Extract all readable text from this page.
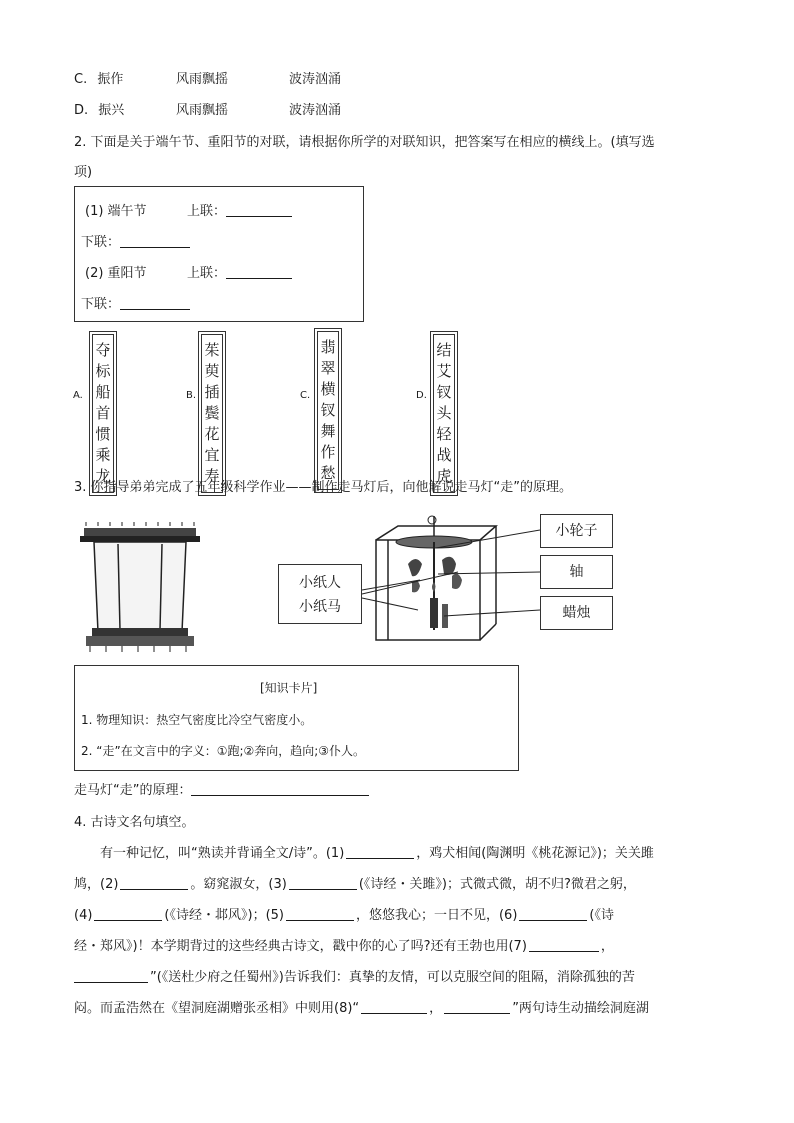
C. 振作	风雨飘摇	波涛汹涌
D. 振兴	风雨飘摇	波涛汹涌
2. 下面是关于端午节、重阳节的对联，请根据你所学的对联知识，把答案写在相应的横线上。(填写选
项)
(1) 端午节	上联：
下联：
(2) 重阳节	上联：
下联：
A.
夺
标
船
首
惯
乘
龙
B.
茱
萸
插
鬓
花
宜
寿
C.
翡
翠
横
钗
舞
作
愁
D.
结
艾
钗
头
轻
战
虎
3. 你指导弟弟完成了五年级科学作业——制作走马灯后，向他解说走马灯“走”的原理。
小纸人
小纸马
小轮子
轴
蜡烛
[知识卡片]
1. 物理知识：热空气密度比冷空气密度小。
2. “走”在文言中的字义：①跑;②奔向，趋向;③仆人。
走马灯“走”的原理：
4. 古诗文名句填空。
有一种记忆，叫“熟读并背诵全文/诗”。(1)	，鸡犬相闻(陶渊明《桃花源记》)；关关雎
鸠，(2)	。窈窕淑女，(3)	(《诗经・关雎》)；式微式微，胡不归?微君之躬，
(4)	(《诗经・邶风》)；(5)	，悠悠我心；一日不见，(6)	(《诗
经・郑风》)！本学期背过的这些经典古诗文，戳中你的心了吗?还有王勃也用(7)	，
”(《送杜少府之任蜀州》)告诉我们：真挚的友情，可以克服空间的阻隔，消除孤独的苦
闷。而孟浩然在《望洞庭湖赠张丞相》中则用(8)“	，	”两句诗生动描绘洞庭湖
